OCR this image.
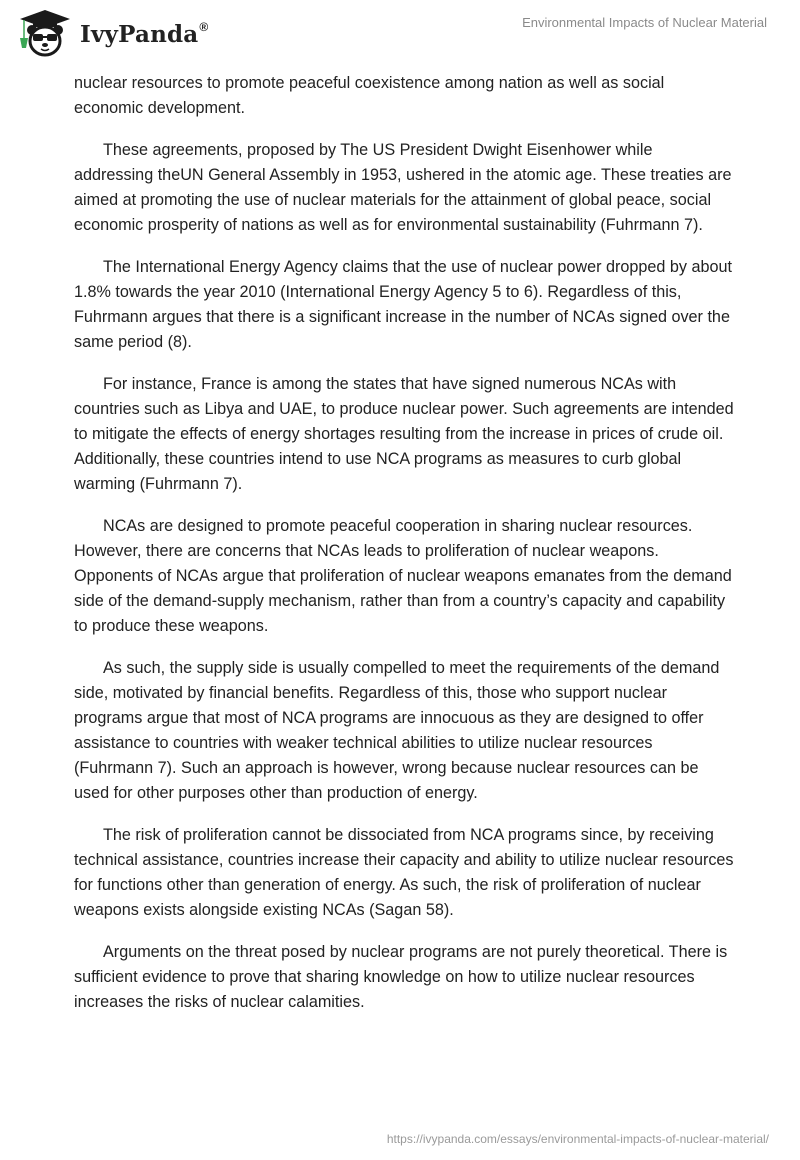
IvyPanda®	Environmental Impacts of Nuclear Material

nuclear resources to promote peaceful coexistence among nation as well as social economic development.

These agreements, proposed by The US President Dwight Eisenhower while addressing theUN General Assembly in 1953, ushered in the atomic age. These treaties are aimed at promoting the use of nuclear materials for the attainment of global peace, social economic prosperity of nations as well as for environmental sustainability (Fuhrmann 7).

The International Energy Agency claims that the use of nuclear power dropped by about 1.8% towards the year 2010 (International Energy Agency 5 to 6). Regardless of this, Fuhrmann argues that there is a significant increase in the number of NCAs signed over the same period (8).

For instance, France is among the states that have signed numerous NCAs with countries such as Libya and UAE, to produce nuclear power. Such agreements are intended to mitigate the effects of energy shortages resulting from the increase in prices of crude oil. Additionally, these countries intend to use NCA programs as measures to curb global warming (Fuhrmann 7).

NCAs are designed to promote peaceful cooperation in sharing nuclear resources. However, there are concerns that NCAs leads to proliferation of nuclear weapons. Opponents of NCAs argue that proliferation of nuclear weapons emanates from the demand side of the demand-supply mechanism, rather than from a country’s capacity and capability to produce these weapons.

As such, the supply side is usually compelled to meet the requirements of the demand side, motivated by financial benefits. Regardless of this, those who support nuclear programs argue that most of NCA programs are innocuous as they are designed to offer assistance to countries with weaker technical abilities to utilize nuclear resources (Fuhrmann 7). Such an approach is however, wrong because nuclear resources can be used for other purposes other than production of energy.

The risk of proliferation cannot be dissociated from NCA programs since, by receiving technical assistance, countries increase their capacity and ability to utilize nuclear resources for functions other than generation of energy. As such, the risk of proliferation of nuclear weapons exists alongside existing NCAs (Sagan 58).

Arguments on the threat posed by nuclear programs are not purely theoretical. There is sufficient evidence to prove that sharing knowledge on how to utilize nuclear resources increases the risks of nuclear calamities.

https://ivypanda.com/essays/environmental-impacts-of-nuclear-material/
